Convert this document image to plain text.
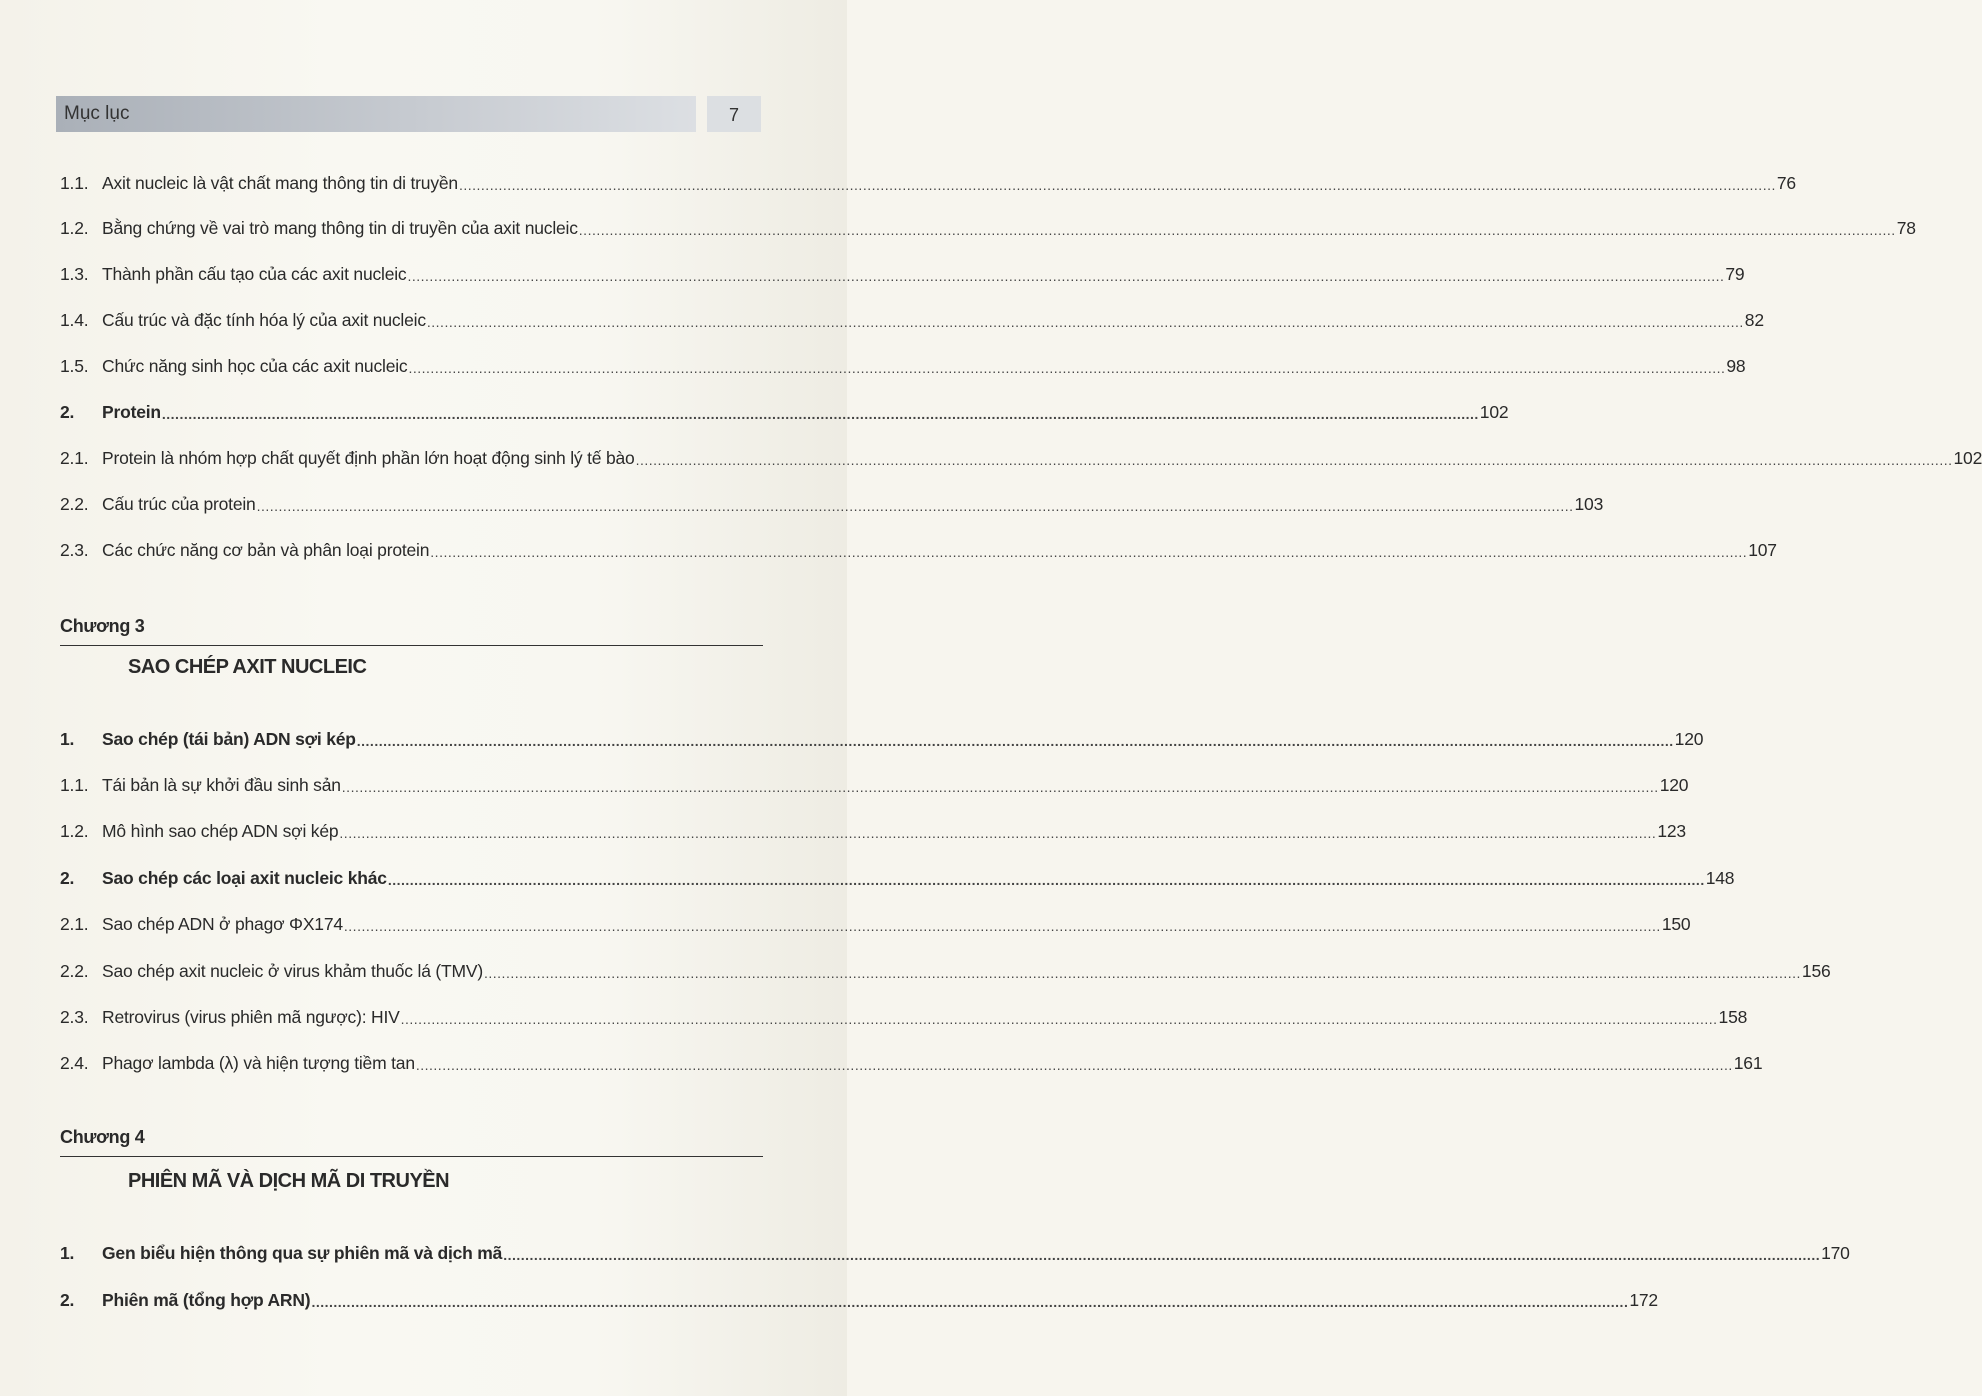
Mục lục	7
1.1. Axit nucleic là vật chất mang thông tin di truyền ............................................................................................................................................................................................................................................................................................................ 76
1.2. Bằng chứng về vai trò mang thông tin di truyền của axit nucleic ............................................................................................................................................................................................................................................................................................................ 78
1.3. Thành phần cấu tạo của các axit nucleic ............................................................................................................................................................................................................................................................................................................ 79
1.4. Cấu trúc và đặc tính hóa lý của axit nucleic ............................................................................................................................................................................................................................................................................................................ 82
1.5. Chức năng sinh học của các axit nucleic ............................................................................................................................................................................................................................................................................................................ 98
2.	Protein ............................................................................................................................................................................................................................................................................................................ 102
2.1. Protein là nhóm hợp chất quyết định phần lớn hoạt động sinh lý tế bào ............................................................................................................................................................................................................................................................................................................ 102
2.2. Cấu trúc của protein ............................................................................................................................................................................................................................................................................................................ 103
2.3. Các chức năng cơ bản và phân loại protein ............................................................................................................................................................................................................................................................................................................ 107
Chương 3
SAO CHÉP AXIT NUCLEIC
1.	Sao chép (tái bản) ADN sợi kép ............................................................................................................................................................................................................................................................................................................ 120
1.1. Tái bản là sự khởi đầu sinh sản ............................................................................................................................................................................................................................................................................................................ 120
1.2. Mô hình sao chép ADN sợi kép ............................................................................................................................................................................................................................................................................................................ 123
2.	Sao chép các loại axit nucleic khác ............................................................................................................................................................................................................................................................................................................ 148
2.1. Sao chép ADN ở phagơ ΦX174 ............................................................................................................................................................................................................................................................................................................ 150
2.2. Sao chép axit nucleic ở virus khảm thuốc lá (TMV) ............................................................................................................................................................................................................................................................................................................ 156
2.3. Retrovirus (virus phiên mã ngược): HIV ............................................................................................................................................................................................................................................................................................................ 158
2.4. Phagơ lambda (λ) và hiện tượng tiềm tan ............................................................................................................................................................................................................................................................................................................ 161
Chương 4
PHIÊN MÃ VÀ DỊCH MÃ DI TRUYỀN
1.	Gen biểu hiện thông qua sự phiên mã và dịch mã ............................................................................................................................................................................................................................................................................................................ 170
2.	Phiên mã (tổng hợp ARN) ............................................................................................................................................................................................................................................................................................................ 172
